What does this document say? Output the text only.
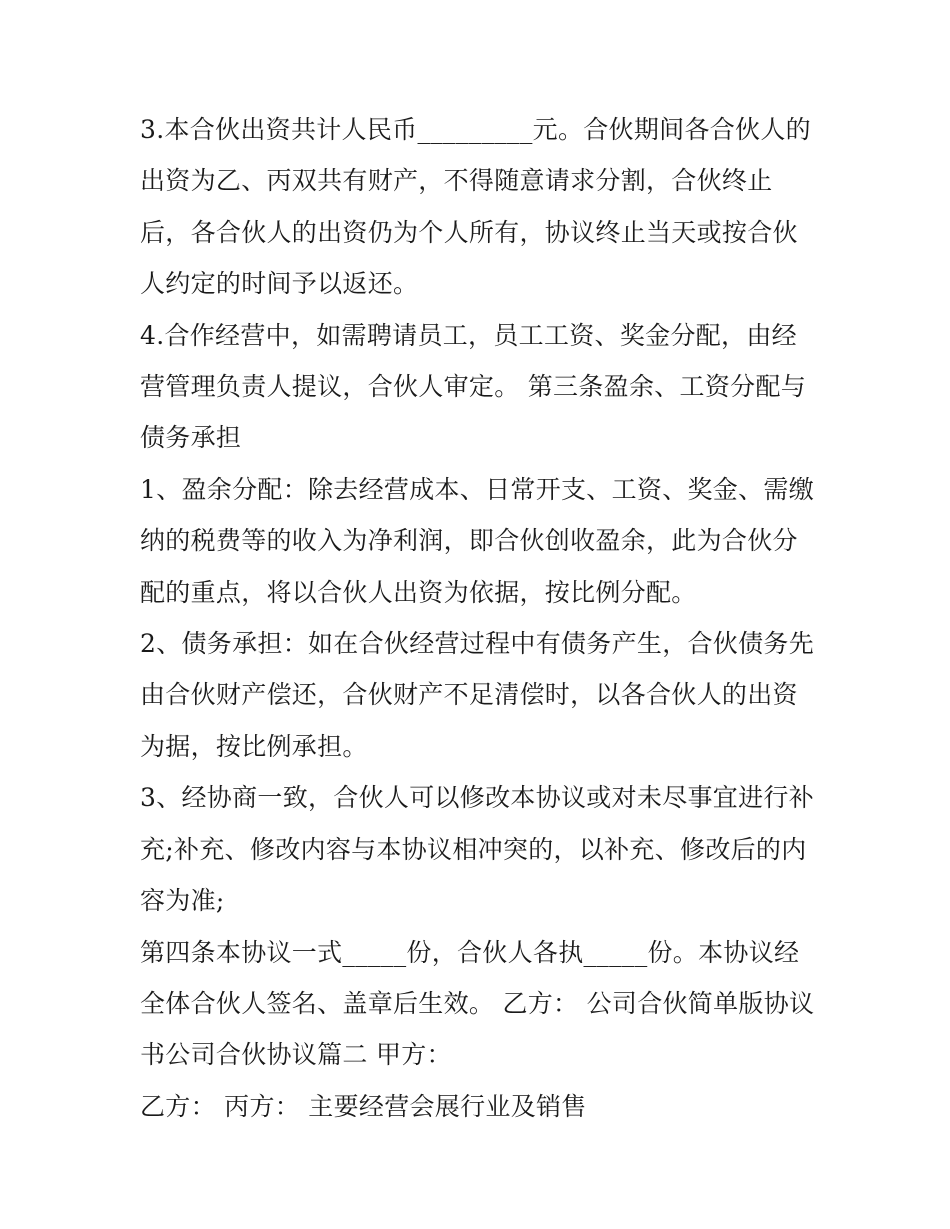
3.本合伙出资共计人民币_________元。合伙期间各合伙人的出资为乙、丙双共有财产，不得随意请求分割，合伙终止后，各合伙人的出资仍为个人所有，协议终止当天或按合伙人约定的时间予以返还。

4.合作经营中，如需聘请员工，员工工资、奖金分配，由经营管理负责人提议，合伙人审定。 第三条盈余、工资分配与债务承担

1、盈余分配：除去经营成本、日常开支、工资、奖金、需缴纳的税费等的收入为净利润，即合伙创收盈余，此为合伙分配的重点，将以合伙人出资为依据，按比例分配。

2、债务承担：如在合伙经营过程中有债务产生，合伙债务先由合伙财产偿还，合伙财产不足清偿时，以各合伙人的出资为据，按比例承担。

3、经协商一致，合伙人可以修改本协议或对未尽事宜进行补充;补充、修改内容与本协议相冲突的，以补充、修改后的内容为准;

第四条本协议一式_____份，合伙人各执_____份。本协议经全体合伙人签名、盖章后生效。 乙方： 公司合伙简单版协议书公司合伙协议篇二 甲方：

乙方： 丙方： 主要经营会展行业及销售
